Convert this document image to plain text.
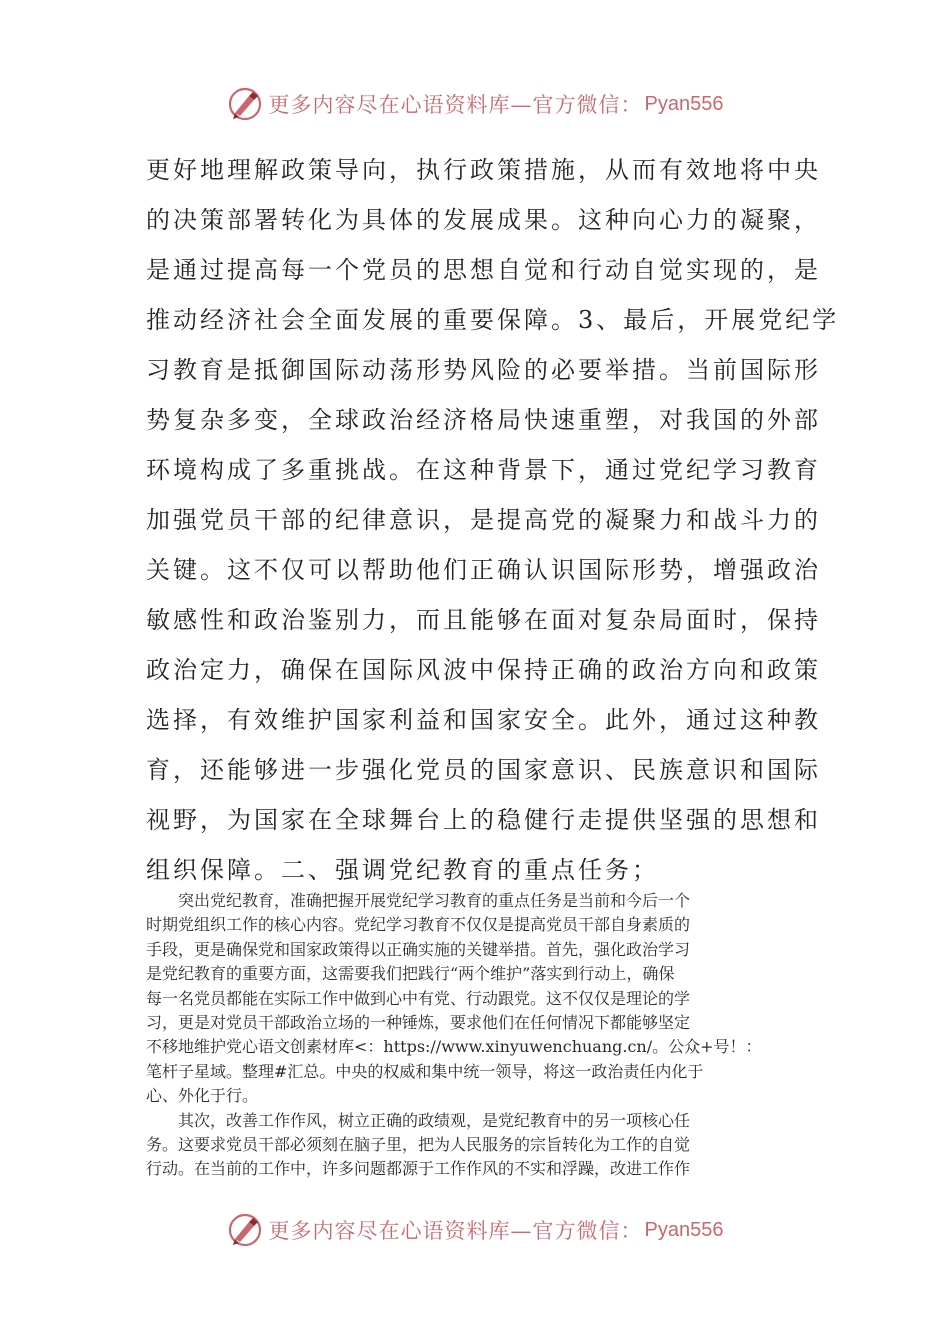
更多内容尽在心语资料库—官方微信： Pyan556
更好地理解政策导向，执行政策措施，从而有效地将中央
的决策部署转化为具体的发展成果。这种向心力的凝聚，
是通过提高每一个党员的思想自觉和行动自觉实现的，是
推动经济社会全面发展的重要保障。3、最后，开展党纪学
习教育是抵御国际动荡形势风险的必要举措。当前国际形
势复杂多变，全球政治经济格局快速重塑，对我国的外部
环境构成了多重挑战。在这种背景下，通过党纪学习教育
加强党员干部的纪律意识，是提高党的凝聚力和战斗力的
关键。这不仅可以帮助他们正确认识国际形势，增强政治
敏感性和政治鉴别力，而且能够在面对复杂局面时，保持
政治定力，确保在国际风波中保持正确的政治方向和政策
选择，有效维护国家利益和国家安全。此外，通过这种教
育，还能够进一步强化党员的国家意识、民族意识和国际
视野，为国家在全球舞台上的稳健行走提供坚强的思想和
组织保障。二、强调党纪教育的重点任务；
突出党纪教育，准确把握开展党纪学习教育的重点任务是当前和今后一个
时期党组织工作的核心内容。党纪学习教育不仅仅是提高党员干部自身素质的
手段，更是确保党和国家政策得以正确实施的关键举措。首先，强化政治学习
是党纪教育的重要方面，这需要我们把践行“两个维护”落实到行动上，确保
每一名党员都能在实际工作中做到心中有党、行动跟党。这不仅仅是理论的学
习，更是对党员干部政治立场的一种锤炼，要求他们在任何情况下都能够坚定
不移地维护党心语文创素材库<：https://www.xinyuwenchuang.cn/。公众+号！：
笔杆子星域。整理#汇总。中央的权威和集中统一领导，将这一政治责任内化于
心、外化于行。
其次，改善工作作风，树立正确的政绩观，是党纪教育中的另一项核心任
务。这要求党员干部必须刻在脑子里，把为人民服务的宗旨转化为工作的自觉
行动。在当前的工作中，许多问题都源于工作作风的不实和浮躁，改进工作作
更多内容尽在心语资料库—官方微信： Pyan556
